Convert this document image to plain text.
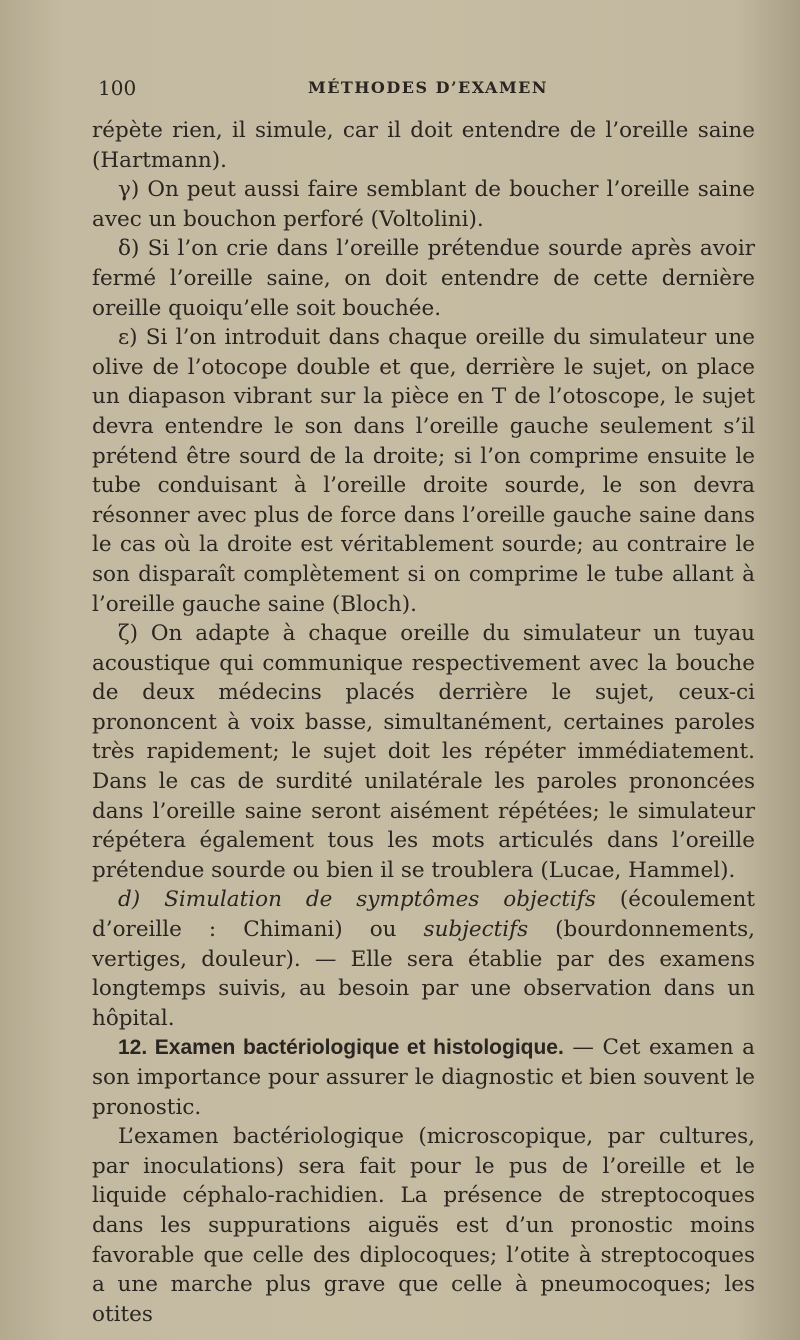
100	MÉTHODES D’EXAMEN

répète rien, il simule, car il doit entendre de l’oreille saine (Hartmann).

γ) On peut aussi faire semblant de boucher l’oreille saine avec un bouchon perforé (Voltolini).

δ) Si l’on crie dans l’oreille prétendue sourde après avoir fermé l’oreille saine, on doit entendre de cette dernière oreille quoiqu’elle soit bouchée.

ε) Si l’on introduit dans chaque oreille du simulateur une olive de l’otocope double et que, derrière le sujet, on place un diapason vibrant sur la pièce en T de l’otoscope, le sujet devra entendre le son dans l’oreille gauche seulement s’il prétend être sourd de la droite; si l’on comprime ensuite le tube conduisant à l’oreille droite sourde, le son devra résonner avec plus de force dans l’oreille gauche saine dans le cas où la droite est véritablement sourde; au contraire le son disparaît complètement si on comprime le tube allant à l’oreille gauche saine (Bloch).

ζ) On adapte à chaque oreille du simulateur un tuyau acoustique qui communique respectivement avec la bouche de deux médecins placés derrière le sujet, ceux-ci prononcent à voix basse, simultanément, certaines paroles très rapidement; le sujet doit les répéter immédiatement. Dans le cas de surdité unilatérale les paroles prononcées dans l’oreille saine seront aisément répétées; le simulateur répétera également tous les mots articulés dans l’oreille prétendue sourde ou bien il se troublera (Lucae, Hammel).

d) Simulation de symptômes objectifs (écoulement d’oreille : Chimani) ou subjectifs (bourdonnements, vertiges, douleur). — Elle sera établie par des examens longtemps suivis, au besoin par une observation dans un hôpital.

12. Examen bactériologique et histologique. — Cet examen a son importance pour assurer le diagnostic et bien souvent le pronostic.

L’examen bactériologique (microscopique, par cultures, par inoculations) sera fait pour le pus de l’oreille et le liquide céphalo-rachidien. La présence de streptocoques dans les suppurations aiguës est d’un pronostic moins favorable que celle des diplocoques; l’otite à streptocoques a une marche plus grave que celle à pneumocoques; les otites
